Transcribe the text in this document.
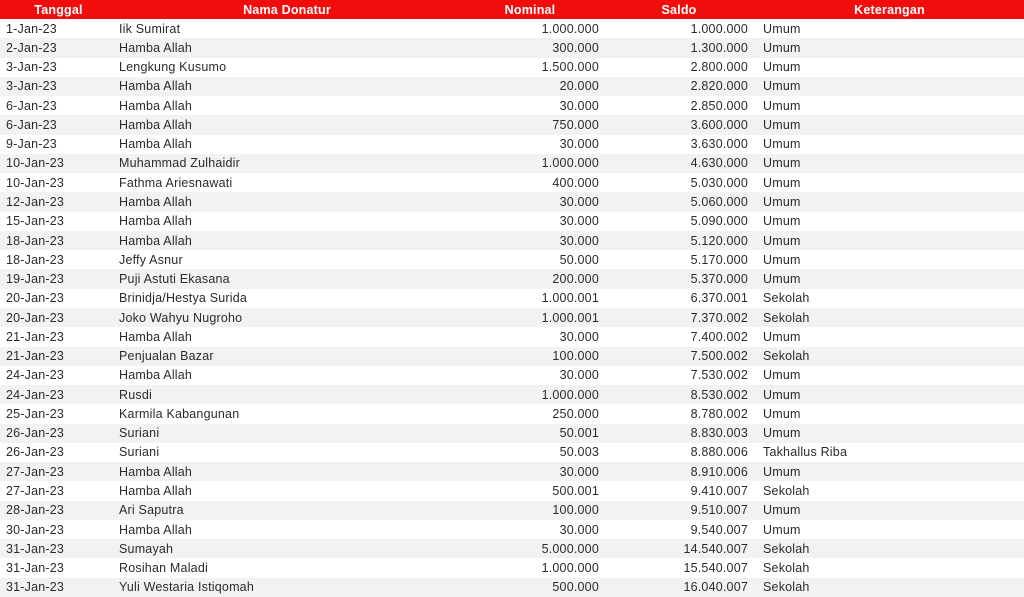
Tanggal	Nama Donatur	Nominal	Saldo	Keterangan
1-Jan-23	Iik Sumirat	1.000.000	1.000.000	Umum
2-Jan-23	Hamba Allah	300.000	1.300.000	Umum
3-Jan-23	Lengkung Kusumo	1.500.000	2.800.000	Umum
3-Jan-23	Hamba Allah	20.000	2.820.000	Umum
6-Jan-23	Hamba Allah	30.000	2.850.000	Umum
6-Jan-23	Hamba Allah	750.000	3.600.000	Umum
9-Jan-23	Hamba Allah	30.000	3.630.000	Umum
10-Jan-23	Muhammad Zulhaidir	1.000.000	4.630.000	Umum
10-Jan-23	Fathma Ariesnawati	400.000	5.030.000	Umum
12-Jan-23	Hamba Allah	30.000	5.060.000	Umum
15-Jan-23	Hamba Allah	30.000	5.090.000	Umum
18-Jan-23	Hamba Allah	30.000	5.120.000	Umum
18-Jan-23	Jeffy Asnur	50.000	5.170.000	Umum
19-Jan-23	Puji Astuti Ekasana	200.000	5.370.000	Umum
20-Jan-23	Brinidja/Hestya Surida	1.000.001	6.370.001	Sekolah
20-Jan-23	Joko Wahyu Nugroho	1.000.001	7.370.002	Sekolah
21-Jan-23	Hamba Allah	30.000	7.400.002	Umum
21-Jan-23	Penjualan Bazar	100.000	7.500.002	Sekolah
24-Jan-23	Hamba Allah	30.000	7.530.002	Umum
24-Jan-23	Rusdi	1.000.000	8.530.002	Umum
25-Jan-23	Karmila Kabangunan	250.000	8.780.002	Umum
26-Jan-23	Suriani	50.001	8.830.003	Umum
26-Jan-23	Suriani	50.003	8.880.006	Takhallus Riba
27-Jan-23	Hamba Allah	30.000	8.910.006	Umum
27-Jan-23	Hamba Allah	500.001	9.410.007	Sekolah
28-Jan-23	Ari Saputra	100.000	9.510.007	Umum
30-Jan-23	Hamba Allah	30.000	9.540.007	Umum
31-Jan-23	Sumayah	5.000.000	14.540.007	Sekolah
31-Jan-23	Rosihan Maladi	1.000.000	15.540.007	Sekolah
31-Jan-23	Yuli Westaria Istiqomah	500.000	16.040.007	Sekolah
